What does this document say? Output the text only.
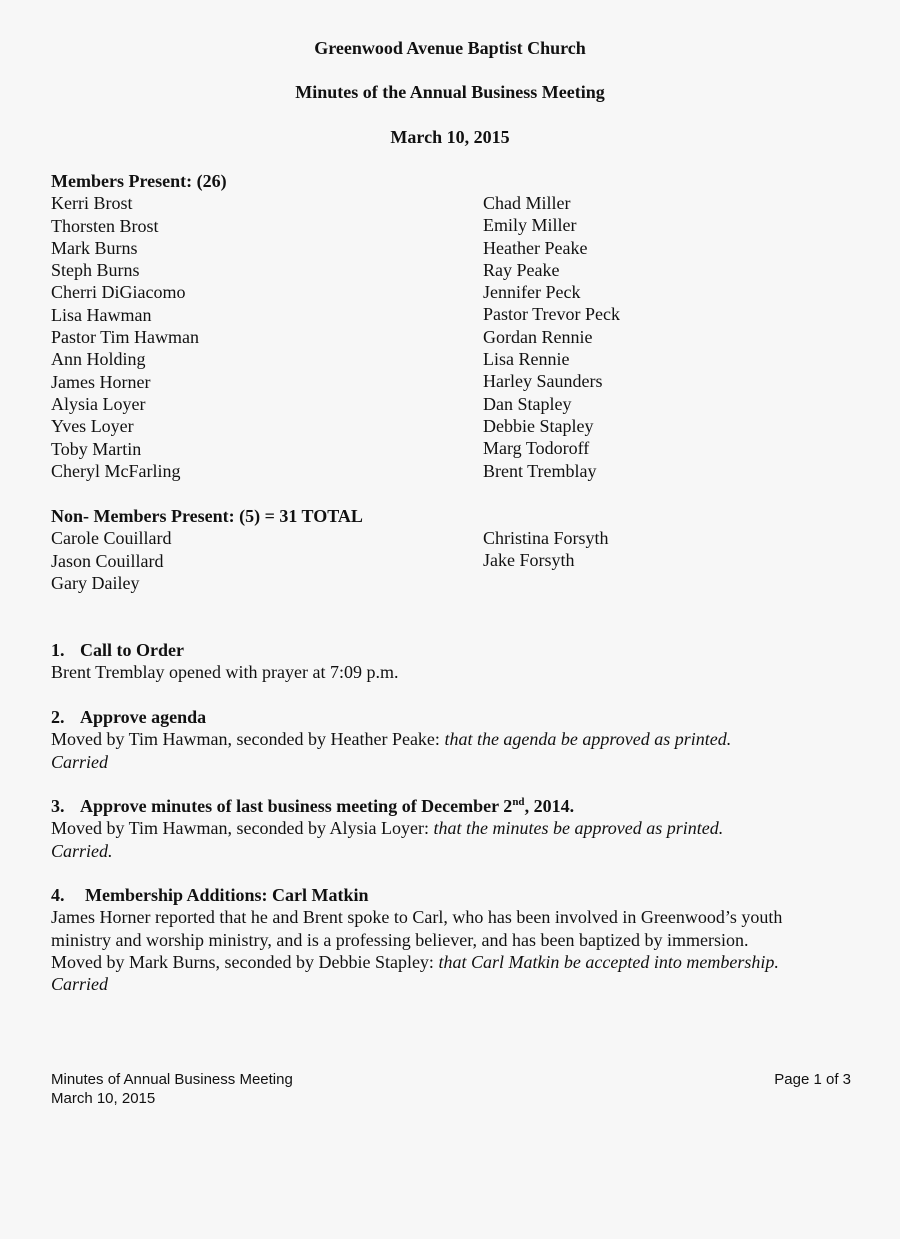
Greenwood Avenue Baptist Church
Minutes of the Annual Business Meeting
March 10, 2015
Members Present: (26)
Kerri Brost
Thorsten Brost
Mark Burns
Steph Burns
Cherri DiGiacomo
Lisa Hawman
Pastor Tim Hawman
Ann Holding
James Horner
Alysia Loyer
Yves Loyer
Toby Martin
Cheryl McFarling
Chad Miller
Emily Miller
Heather Peake
Ray Peake
Jennifer Peck
Pastor Trevor Peck
Gordan Rennie
Lisa Rennie
Harley Saunders
Dan Stapley
Debbie Stapley
Marg Todoroff
Brent Tremblay
Non- Members Present: (5) = 31 TOTAL
Carole Couillard
Jason Couillard
Gary Dailey
Christina Forsyth
Jake Forsyth
1. Call to Order
Brent Tremblay opened with prayer at 7:09 p.m.
2. Approve agenda
Moved by Tim Hawman, seconded by Heather Peake: that the agenda be approved as printed.
Carried
3. Approve minutes of last business meeting of December 2nd, 2014.
Moved by Tim Hawman, seconded by Alysia Loyer: that the minutes be approved as printed.
Carried.
4. Membership Additions: Carl Matkin
James Horner reported that he and Brent spoke to Carl, who has been involved in Greenwood’s youth
ministry and worship ministry, and is a professing believer, and has been baptized by immersion.
Moved by Mark Burns, seconded by Debbie Stapley: that Carl Matkin be accepted into membership.
Carried
Minutes of Annual Business Meeting
March 10, 2015
Page 1 of 3
